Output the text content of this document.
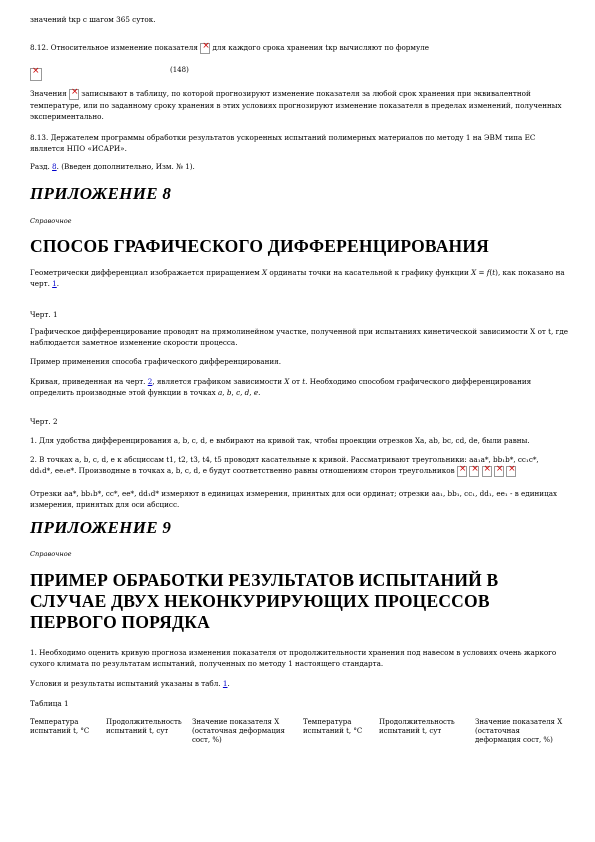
значений tкр с шагом 365 суток.

8.12. Относительное изменение показателя × для каждого срока хранения tкр вычисляют по формуле

×
(148)

Значения × записывают в таблицу, по которой прогнозируют изменение показателя за любой срок хранения при эквивалентной температуре, или по заданному сроку хранения в этих условиях прогнозируют изменение показателя в пределах изменений, полученных экспериментально.

8.13. Держателем программы обработки результатов ускоренных испытаний полимерных материалов по методу 1 на ЭВМ типа ЕС является НПО «ИСАРИ».

Разд. 8. (Введен дополнительно, Изм. № 1).

ПРИЛОЖЕНИЕ 8

Справочное

СПОСОБ ГРАФИЧЕСКОГО ДИФФЕРЕНЦИРОВАНИЯ

Геометрически дифференциал изображается приращением X ординаты точки на касательной к графику функции X = f(t), как показано на черт. 1.

Черт. 1

Графическое дифференцирование проводят на прямолинейном участке, полученной при испытаниях кинетической зависимости X от t, где наблюдается заметное изменение скорости процесса.

Пример применения способа графического дифференцирования.

Кривая, приведенная на черт. 2, является графиком зависимости X от t. Необходимо способом графического дифференцирования определить производные этой функции в точках a, b, c, d, e.

Черт. 2

1. Для удобства дифференцирования a, b, c, d, e выбирают на кривой так, чтобы проекции отрезков Xa, ab, bc, cd, de, были равны.

2. В точках a, b, c, d, e к абсциссам t1, t2, t3, t4, t5 проводят касательные к кривой. Рассматривают треугольники: aa₁a*, bb₁b*, cc₁c*,

dd₁d*, ee₁e*. Производные в точках a, b, c, d, e будут соответственно равны отношениям сторон треугольников × × × × ×

Отрезки aa*, bb₁b*, cc*, ee*, dd₁d* измеряют в единицах измерения, принятых для оси ординат; отрезки aa₁, bb₁, cc₁, dd₁, ee₁ - в единицах измерения, принятых для оси абсцисс.

ПРИЛОЖЕНИЕ 9

Справочное

ПРИМЕР ОБРАБОТКИ РЕЗУЛЬТАТОВ ИСПЫТАНИЙ В СЛУЧАЕ ДВУХ НЕКОНКУРИРУЮЩИХ ПРОЦЕССОВ ПЕРВОГО ПОРЯДКА

1. Необходимо оценить кривую прогноза изменения показателя от продолжительности хранения под навесом в условиях очень жаркого сухого климата по результатам испытаний, полученных по методу 1 настоящего стандарта.

Условия и результаты испытаний указаны в табл. 1.

Таблица 1

Температура испытаний t, °С	Продолжительность испытаний t, сут	Значение показателя X (остаточная деформация сост, %)	Температура испытаний t, °С	Продолжительность испытаний t, сут	Значение показателя X (остаточная деформация сост, %)
